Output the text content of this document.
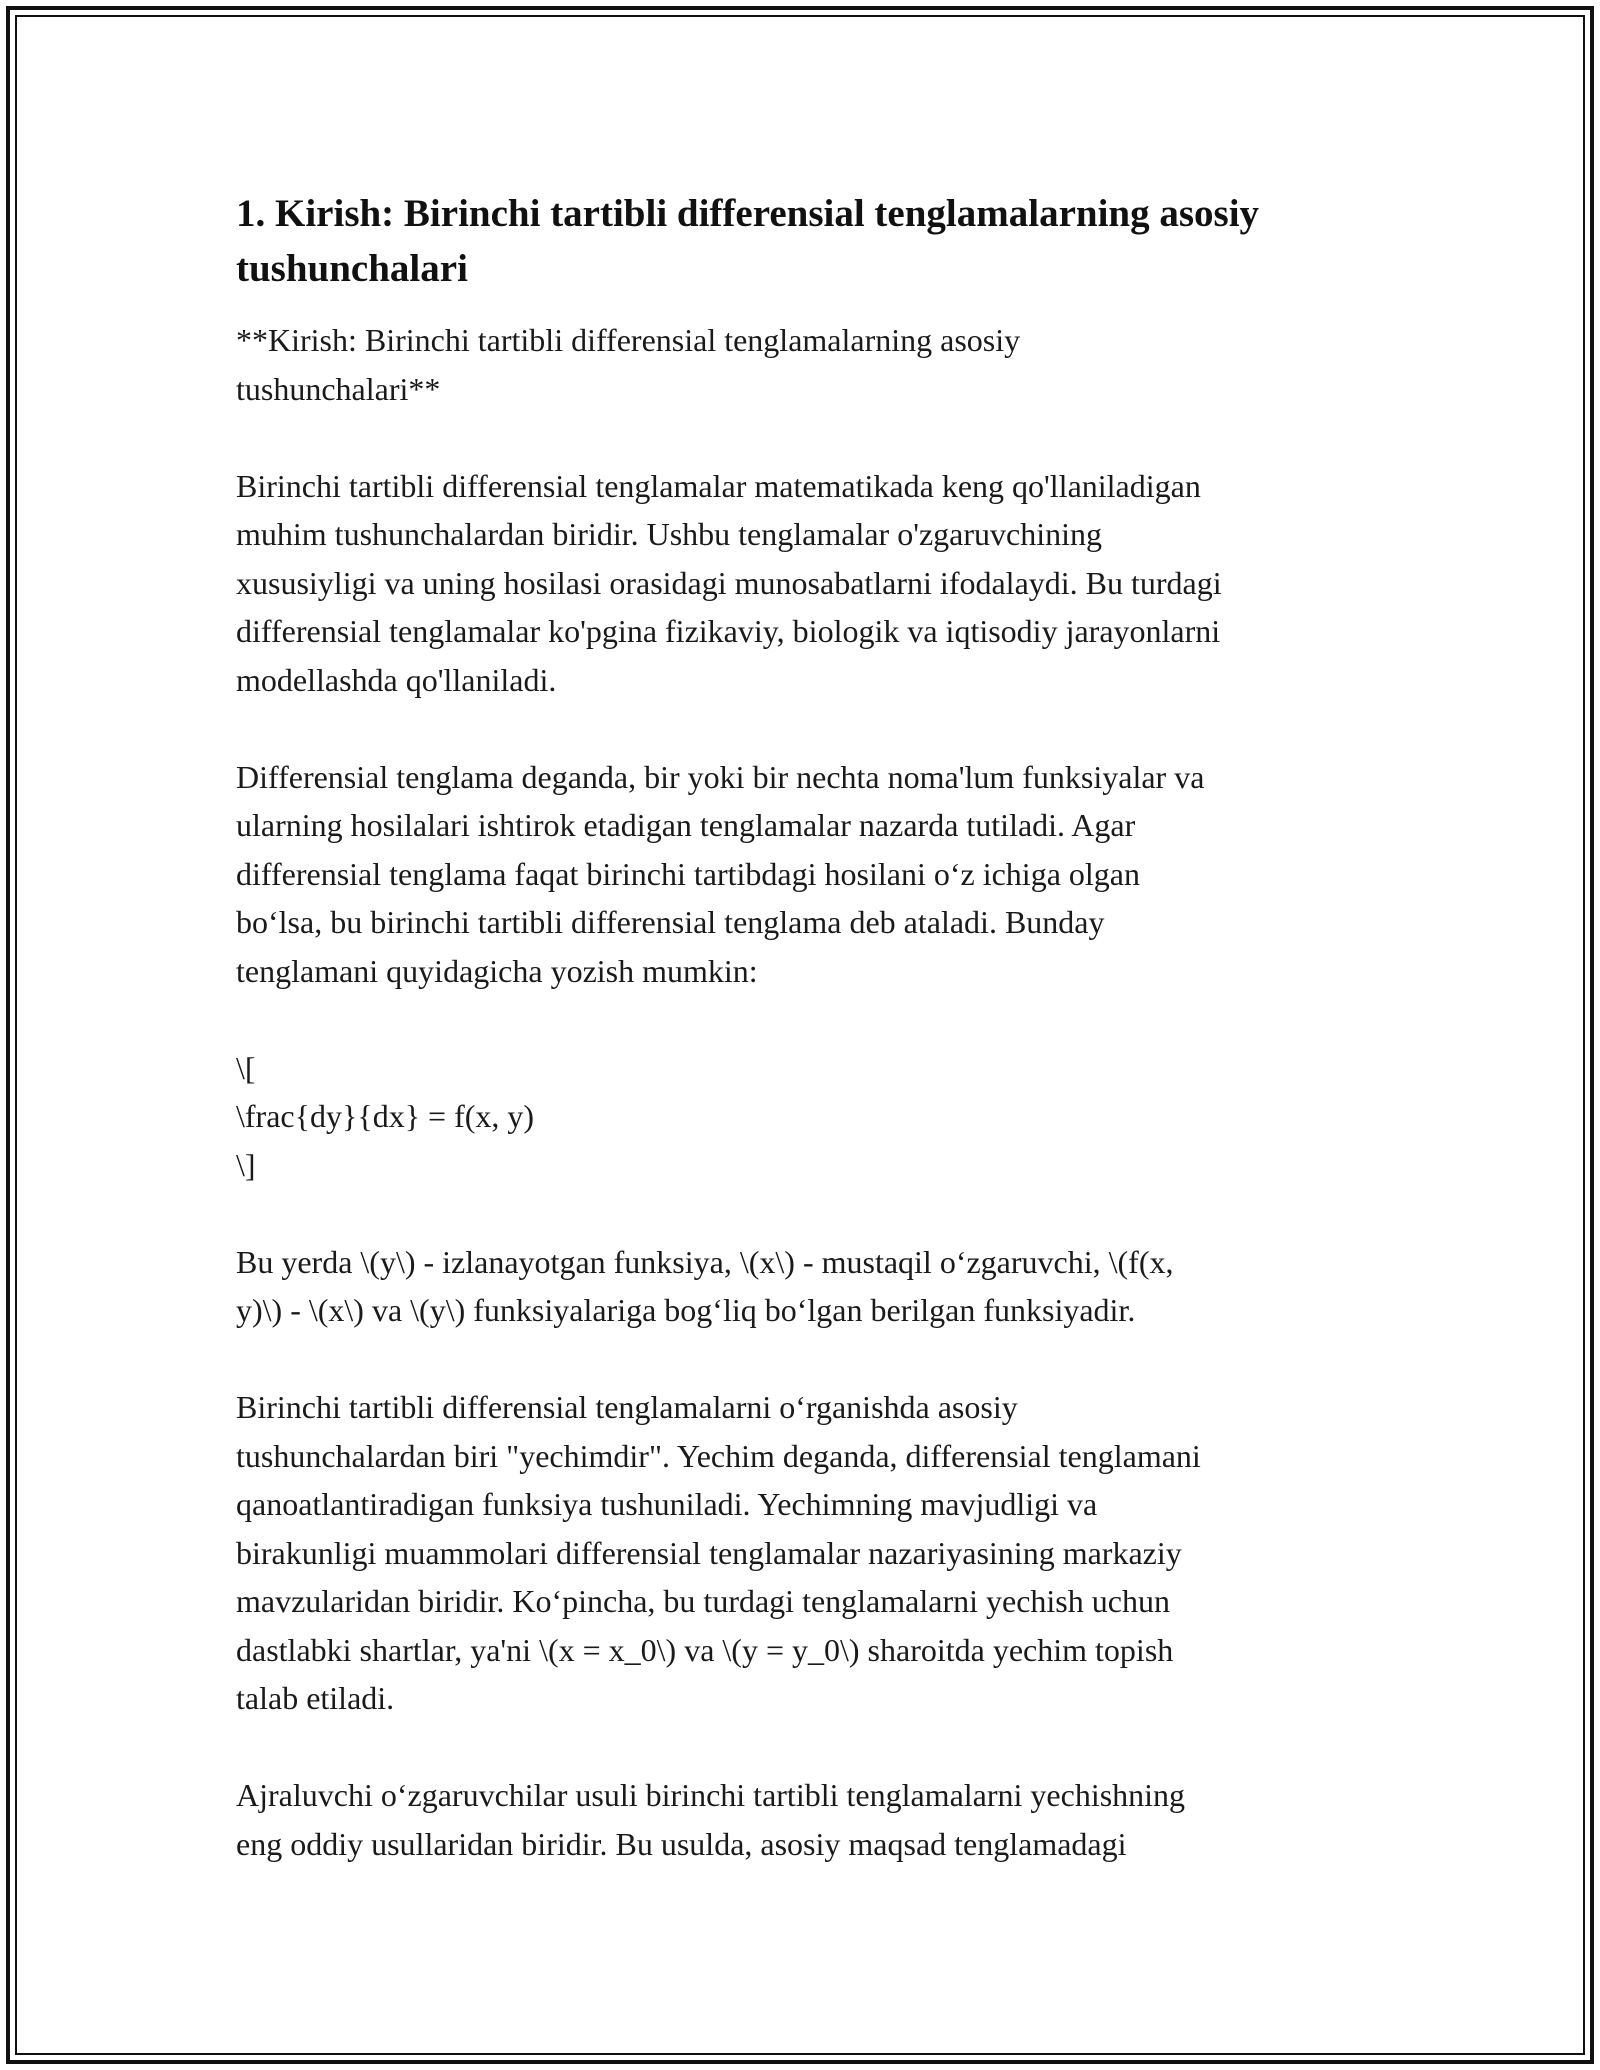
1. Kirish: Birinchi tartibli differensial tenglamalarning asosiy tushunchalari

**Kirish: Birinchi tartibli differensial tenglamalarning asosiy
tushunchalari**

Birinchi tartibli differensial tenglamalar matematikada keng qo'llaniladigan
muhim tushunchalardan biridir. Ushbu tenglamalar o'zgaruvchining
xususiyligi va uning hosilasi orasidagi munosabatlarni ifodalaydi. Bu turdagi
differensial tenglamalar ko'pgina fizikaviy, biologik va iqtisodiy jarayonlarni
modellashda qo'llaniladi.

Differensial tenglama deganda, bir yoki bir nechta noma'lum funksiyalar va
ularning hosilalari ishtirok etadigan tenglamalar nazarda tutiladi. Agar
differensial tenglama faqat birinchi tartibdagi hosilani o‘z ichiga olgan
bo‘lsa, bu birinchi tartibli differensial tenglama deb ataladi. Bunday
tenglamani quyidagicha yozish mumkin:

\[
\frac{dy}{dx} = f(x, y)
\]

Bu yerda \(y\) - izlanayotgan funksiya, \(x\) - mustaqil o‘zgaruvchi, \(f(x,
y)\) - \(x\) va \(y\) funksiyalariga bog‘liq bo‘lgan berilgan funksiyadir.

Birinchi tartibli differensial tenglamalarni o‘rganishda asosiy
tushunchalardan biri "yechimdir". Yechim deganda, differensial tenglamani
qanoatlantiradigan funksiya tushuniladi. Yechimning mavjudligi va
birakunligi muammolari differensial tenglamalar nazariyasining markaziy
mavzularidan biridir. Ko‘pincha, bu turdagi tenglamalarni yechish uchun
dastlabki shartlar, ya'ni \(x = x_0\) va \(y = y_0\) sharoitda yechim topish
talab etiladi.

Ajraluvchi o‘zgaruvchilar usuli birinchi tartibli tenglamalarni yechishning
eng oddiy usullaridan biridir. Bu usulda, asosiy maqsad tenglamadagi
